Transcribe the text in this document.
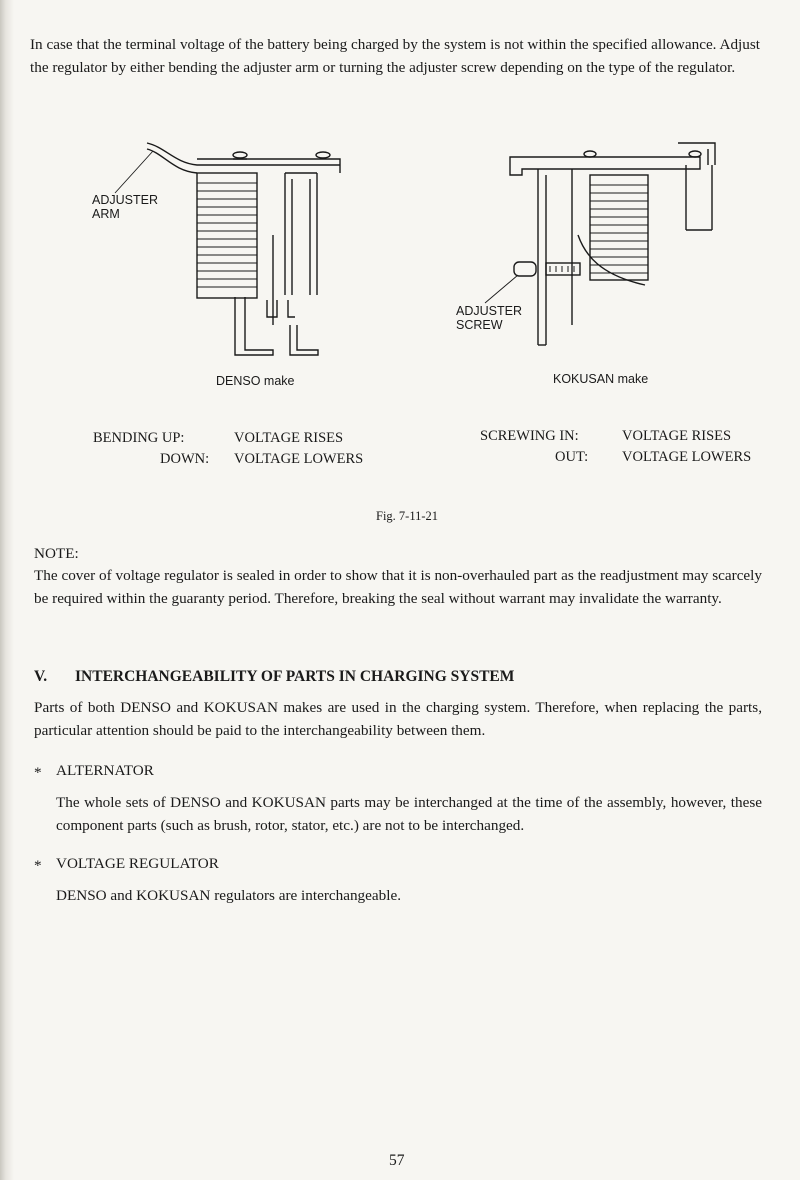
In case that the terminal voltage of the battery being charged by the system is not within the specified allowance. Adjust the regulator by either bending the adjuster arm or turning the adjuster screw depending on the type of the regulator.

ADJUSTER
ARM
DENSO make
ADJUSTER
SCREW
KOKUSAN make
BENDING UP:	VOLTAGE RISES
DOWN: VOLTAGE LOWERS
SCREWING IN:	VOLTAGE RISES
OUT: VOLTAGE LOWERS
Fig. 7-11-21
NOTE:

The cover of voltage regulator is sealed in order to show that it is non-overhauled part as the readjustment may scarcely be required within the guaranty period. Therefore, breaking the seal without warrant may invalidate the warranty.

V. INTERCHANGEABILITY OF PARTS IN CHARGING SYSTEM

Parts of both DENSO and KOKUSAN makes are used in the charging system. Therefore, when replacing the parts, particular attention should be paid to the interchangeability between them.

* ALTERNATOR

The whole sets of DENSO and KOKUSAN parts may be interchanged at the time of the assembly, however, these component parts (such as brush, rotor, stator, etc.) are not to be interchanged.

* VOLTAGE REGULATOR

DENSO and KOKUSAN regulators are interchangeable.

57
